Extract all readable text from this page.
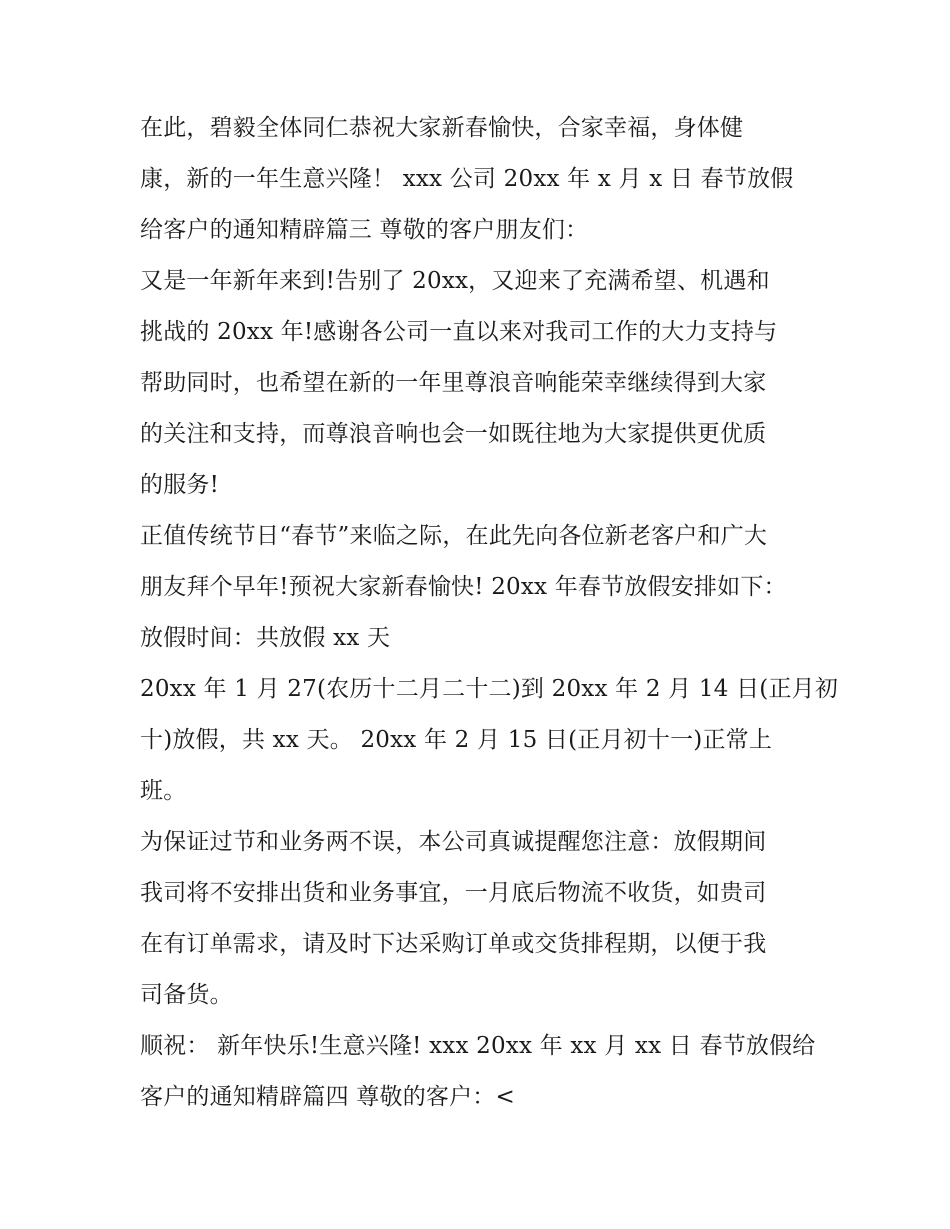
在此，碧毅全体同仁恭祝大家新春愉快，合家幸福，身体健
康，新的一年生意兴隆！ xxx 公司 20xx 年 x 月 x 日 春节放假
给客户的通知精辟篇三 尊敬的客户朋友们：
又是一年新年来到!告别了 20xx，又迎来了充满希望、机遇和
挑战的 20xx 年!感谢各公司一直以来对我司工作的大力支持与
帮助同时，也希望在新的一年里尊浪音响能荣幸继续得到大家
的关注和支持，而尊浪音响也会一如既往地为大家提供更优质
的服务!
正值传统节日“春节”来临之际，在此先向各位新老客户和广大
朋友拜个早年!预祝大家新春愉快! 20xx 年春节放假安排如下：
放假时间：共放假 xx 天
20xx 年 1 月 27(农历十二月二十二)到 20xx 年 2 月 14 日(正月初
十)放假，共 xx 天。 20xx 年 2 月 15 日(正月初十一)正常上
班。
为保证过节和业务两不误，本公司真诚提醒您注意：放假期间
我司将不安排出货和业务事宜，一月底后物流不收货，如贵司
在有订单需求，请及时下达采购订单或交货排程期，以便于我
司备货。
顺祝： 新年快乐!生意兴隆! xxx 20xx 年 xx 月 xx 日 春节放假给
客户的通知精辟篇四 尊敬的客户：<
